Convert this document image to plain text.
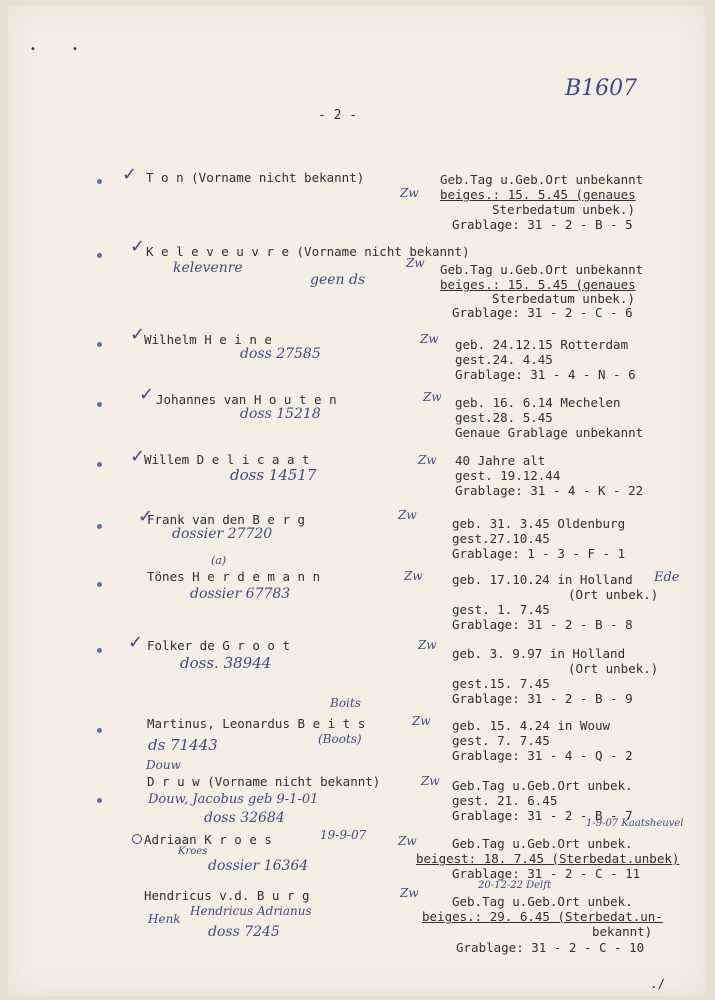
•	•
B1607
- 2 -
✓ T o n (Vorname nicht bekannt)
Zw
Geb.Tag u.Geb.Ort unbekannt
beiges.: 15. 5.45 (genaues
Sterbedatum unbek.)
Grablage: 31 - 2 - B - 5
✓ K e l e v e u v r e (Vorname nicht bekannt)
kelevenre
geen ds
Zw Geb.Tag u.Geb.Ort unbekannt
beiges.: 15. 5.45 (genaues
Sterbedatum unbek.)
Grablage: 31 - 2 - C - 6
✓
Wilhelm H e i n e
doss 27585
Zw geb. 24.12.15 Rotterdam
gest.24. 4.45
Grablage: 31 - 4 - N - 6
✓ Johannes van H o u t e n
doss 15218
Zw geb. 16. 6.14 Mechelen
gest.28. 5.45
Genaue Grablage unbekannt
✓
Willem D e l i c a a t
doss 14517
Zw 40 Jahre alt
gest. 19.12.44
Grablage: 31 - 4 - K - 22
✓
Frank van den B e r g
dossier 27720
Zw
geb. 31. 3.45 Oldenburg
gest.27.10.45
Grablage: 1 - 3 - F - 1
Tönes H e r d e m a n n
(a)
dossier 67783
Zw geb. 17.10.24 in Holland Ede
(Ort unbek.)
gest. 1. 7.45
Grablage: 31 - 2 - B - 8
✓ Folker de G r o o t
doss. 38944
Zw
geb. 3. 9.97 in Holland
(Ort unbek.)
gest.15. 7.45
Grablage: 31 - 2 - B - 9
Boits
Martinus, Leonardus B e i t s
(Boots)
ds 71443
Zw geb. 15. 4.24 in Wouw
gest. 7. 7.45
Grablage: 31 - 4 - Q - 2
Douw
D r u w (Vorname nicht bekannt)
Douw, Jacobus geb 9-1-01
doss 32684
Zw Geb.Tag u.Geb.Ort unbek.
gest. 21. 6.45
Grablage: 31 - 2 - B - 7
Adriaan K r o e s	19-9-07
Kroes
dossier 16364
Zw
1-9-07 Kaatsheuvel
Geb.Tag u.Geb.Ort unbek.
beigest: 18. 7.45 (Sterbedat.unbek)
Grablage: 31 - 2 - C - 11
Hendricus v.d. B u r g
Hendricus Adrianus
Henk
doss 7245
Zw
20-12-22 Delft
Geb.Tag u.Geb.Ort unbek.
beiges.: 29. 6.45 (Sterbedat.un-
bekannt)
Grablage: 31 - 2 - C - 10
./
